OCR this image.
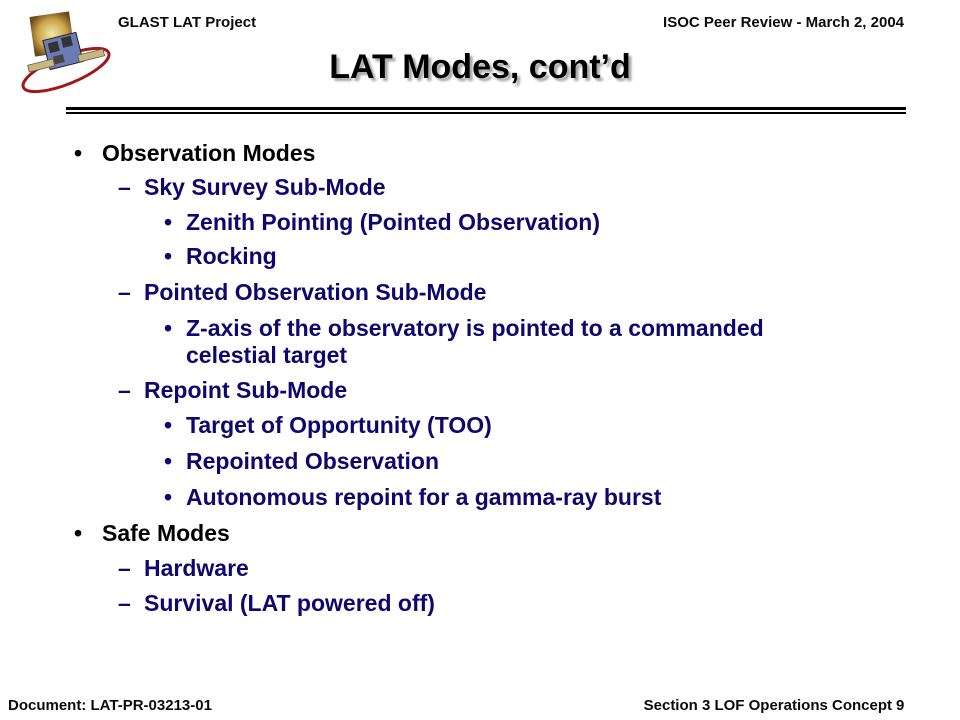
GLAST LAT Project	ISOC Peer Review - March 2, 2004
LAT Modes, cont’d
• Observation Modes
– Sky Survey Sub-Mode
• Zenith Pointing (Pointed Observation)
• Rocking
– Pointed Observation Sub-Mode
• Z-axis of the observatory is pointed to a commanded
celestial target
– Repoint Sub-Mode
• Target of Opportunity (TOO)
• Repointed Observation
• Autonomous repoint for a gamma-ray burst
• Safe Modes
– Hardware
– Survival (LAT powered off)
Document: LAT-PR-03213-01	Section 3 LOF Operations Concept 9
